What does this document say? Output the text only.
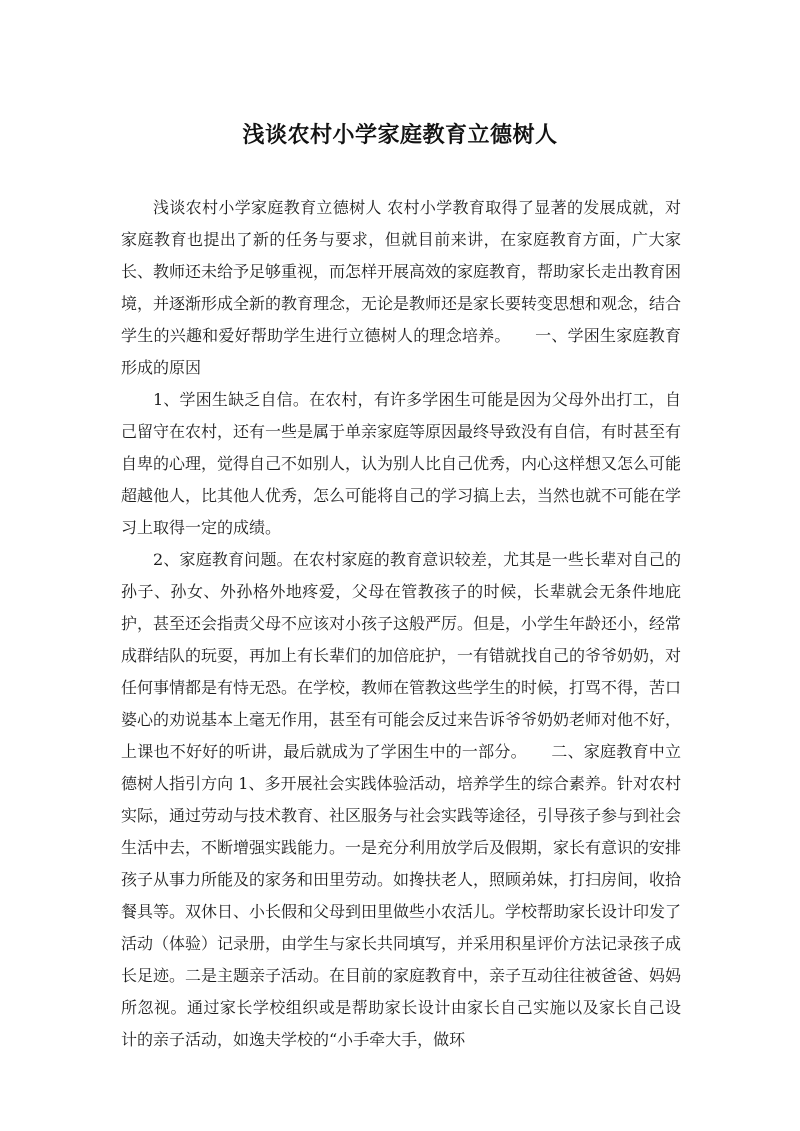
浅谈农村小学家庭教育立德树人

浅谈农村小学家庭教育立德树人 农村小学教育取得了显著的发展成就，对家庭教育也提出了新的任务与要求，但就目前来讲，在家庭教育方面，广大家长、教师还未给予足够重视，而怎样开展高效的家庭教育，帮助家长走出教育困境，并逐渐形成全新的教育理念，无论是教师还是家长要转变思想和观念，结合学生的兴趣和爱好帮助学生进行立德树人的理念培养。　　一、学困生家庭教育形成的原因

1、学困生缺乏自信。在农村，有许多学困生可能是因为父母外出打工，自己留守在农村，还有一些是属于单亲家庭等原因最终导致没有自信，有时甚至有自卑的心理，觉得自己不如别人，认为别人比自己优秀，内心这样想又怎么可能超越他人，比其他人优秀，怎么可能将自己的学习搞上去，当然也就不可能在学习上取得一定的成绩。

2、家庭教育问题。在农村家庭的教育意识较差，尤其是一些长辈对自己的孙子、孙女、外孙格外地疼爱，父母在管教孩子的时候，长辈就会无条件地庇护，甚至还会指责父母不应该对小孩子这般严厉。但是，小学生年龄还小，经常成群结队的玩耍，再加上有长辈们的加倍庇护，一有错就找自己的爷爷奶奶，对任何事情都是有恃无恐。在学校，教师在管教这些学生的时候，打骂不得，苦口婆心的劝说基本上毫无作用，甚至有可能会反过来告诉爷爷奶奶老师对他不好，上课也不好好的听讲，最后就成为了学困生中的一部分。　　二、家庭教育中立德树人指引方向 1、多开展社会实践体验活动，培养学生的综合素养。针对农村实际，通过劳动与技术教育、社区服务与社会实践等途径，引导孩子参与到社会生活中去，不断增强实践能力。一是充分利用放学后及假期，家长有意识的安排孩子从事力所能及的家务和田里劳动。如搀扶老人，照顾弟妹，打扫房间，收拾餐具等。双休日、小长假和父母到田里做些小农活儿。学校帮助家长设计印发了活动（体验）记录册，由学生与家长共同填写，并采用积星评价方法记录孩子成长足迹。二是主题亲子活动。在目前的家庭教育中，亲子互动往往被爸爸、妈妈所忽视。通过家长学校组织或是帮助家长设计由家长自己实施以及家长自己设 计的亲子活动，如逸夫学校的“小手牵大手，做环
